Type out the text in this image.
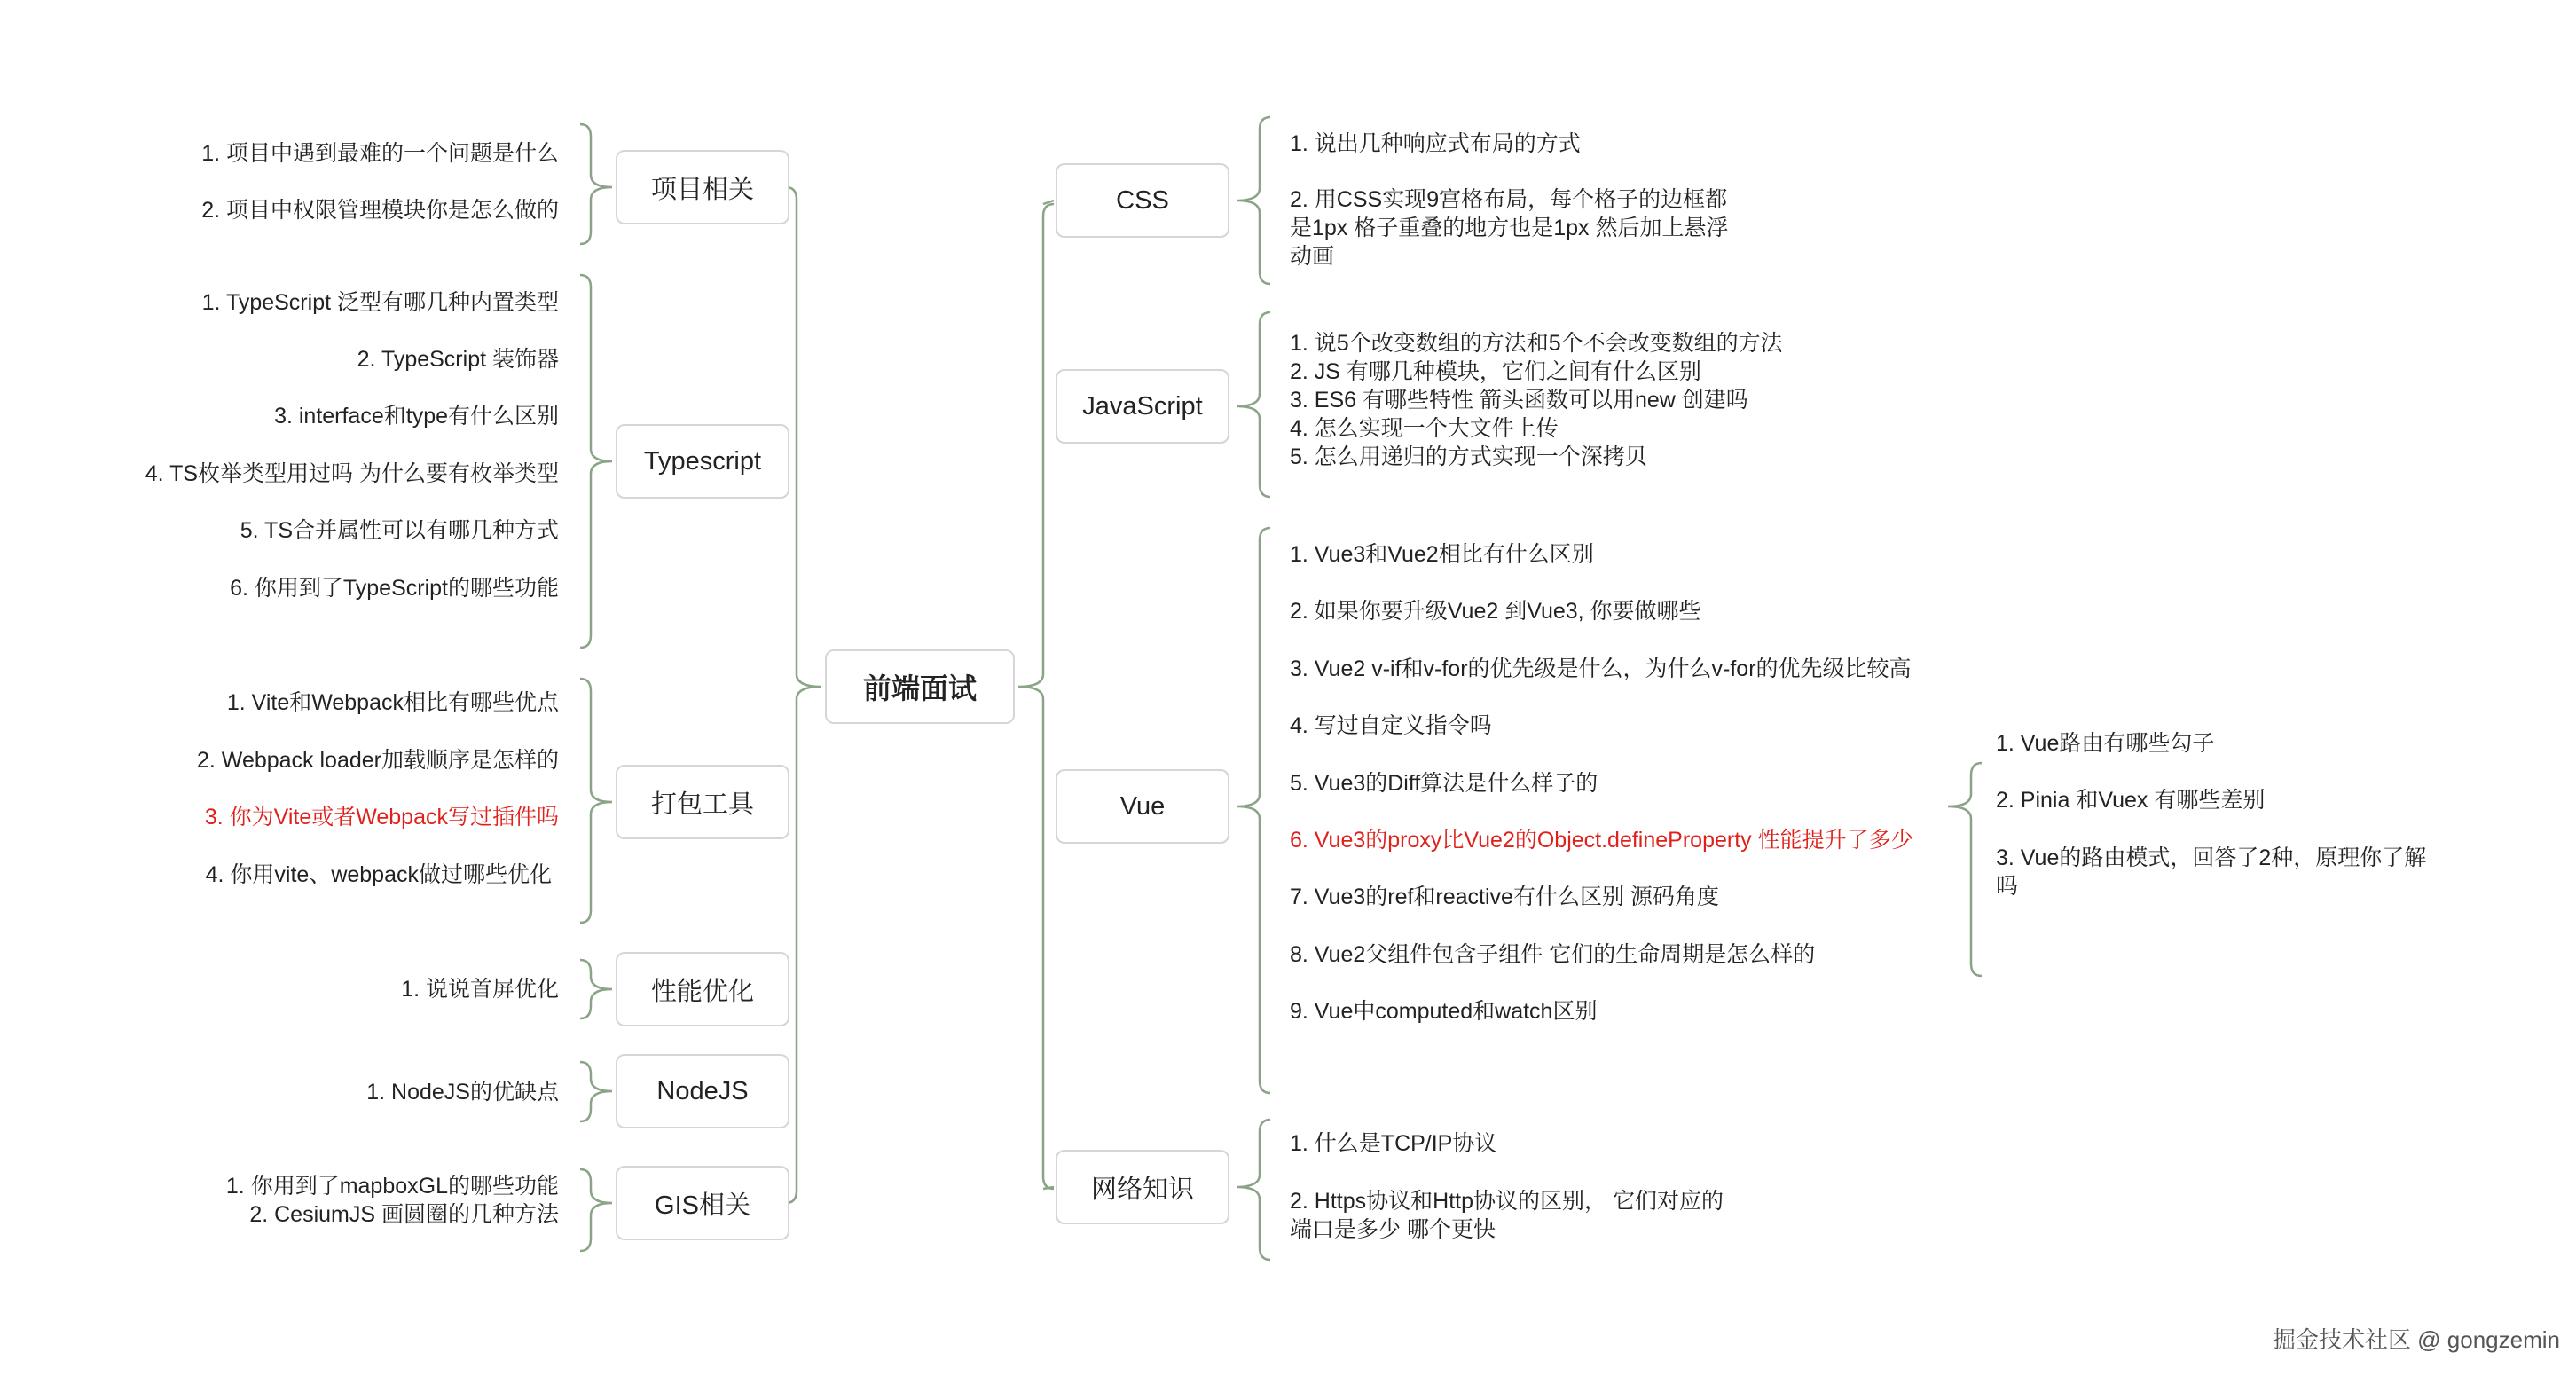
前端面试
项目相关
Typescript
打包工具
性能优化
NodeJS
GIS相关
CSS
JavaScript
Vue
网络知识
1. 项目中遇到最难的一个问题是什么
2. 项目中权限管理模块你是怎么做的
1. TypeScript 泛型有哪几种内置类型
2. TypeScript 装饰器
3. interface和type有什么区别
4. TS枚举类型用过吗 为什么要有枚举类型
5. TS合并属性可以有哪几种方式
6. 你用到了TypeScript的哪些功能
1. Vite和Webpack相比有哪些优点
2. Webpack loader加载顺序是怎样的
3. 你为Vite或者Webpack写过插件吗
4. 你用vite、webpack做过哪些优化
1. 说说首屏优化
1. NodeJS的优缺点
1. 你用到了mapboxGL的哪些功能
2. CesiumJS 画圆圈的几种方法
1. 说出几种响应式布局的方式
2. 用CSS实现9宫格布局，每个格子的边框都
是1px 格子重叠的地方也是1px 然后加上悬浮
动画
1. 说5个改变数组的方法和5个不会改变数组的方法
2. JS 有哪几种模块，它们之间有什么区别
3. ES6 有哪些特性 箭头函数可以用new 创建吗
4. 怎么实现一个大文件上传
5. 怎么用递归的方式实现一个深拷贝
1. Vue3和Vue2相比有什么区别
2. 如果你要升级Vue2 到Vue3, 你要做哪些
3. Vue2 v-if和v-for的优先级是什么，为什么v-for的优先级比较高
4. 写过自定义指令吗
5. Vue3的Diff算法是什么样子的
6. Vue3的proxy比Vue2的Object.defineProperty 性能提升了多少
7. Vue3的ref和reactive有什么区别 源码角度
8. Vue2父组件包含子组件 它们的生命周期是怎么样的
9. Vue中computed和watch区别
1. 什么是TCP/IP协议
2. Https协议和Http协议的区别， 它们对应的
端口是多少 哪个更快
1. Vue路由有哪些勾子
2. Pinia 和Vuex 有哪些差别
3. Vue的路由模式，回答了2种，原理你了解
吗
掘金技术社区 @ gongzemin
